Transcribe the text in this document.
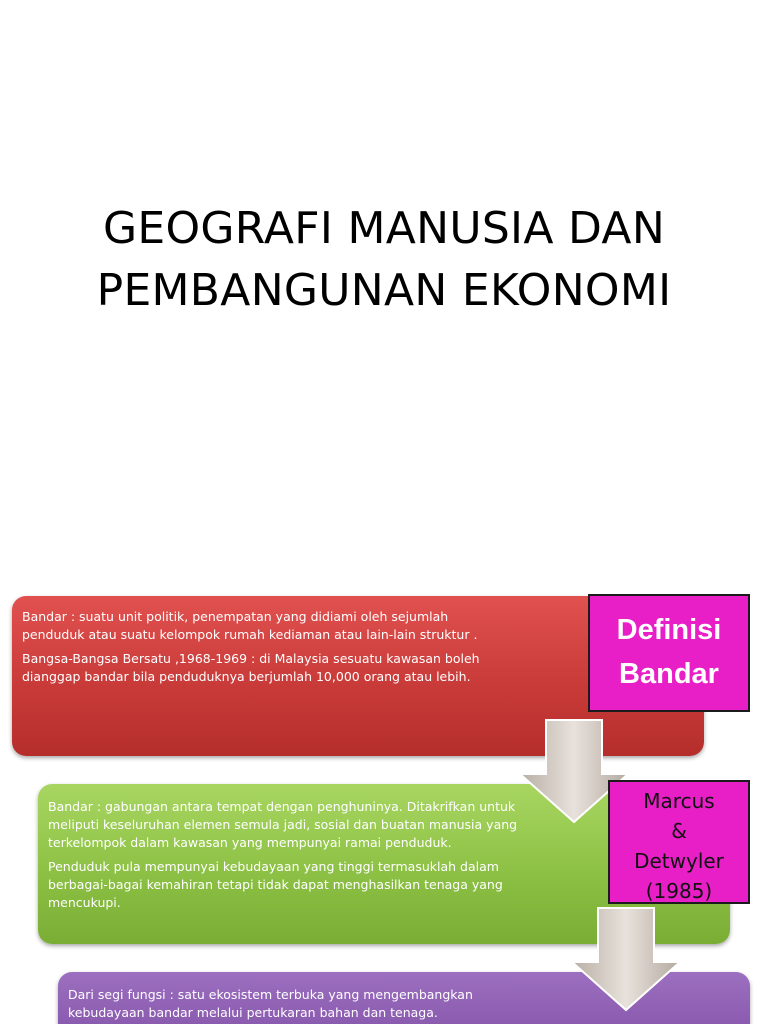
GEOGRAFI MANUSIA DAN
PEMBANGUNAN EKONOMI

Bandar : suatu unit politik, penempatan yang didiami oleh sejumlah penduduk atau suatu kelompok rumah kediaman atau lain-lain struktur .

Bangsa-Bangsa Bersatu ,1968-1969 : di Malaysia sesuatu kawasan boleh dianggap bandar bila penduduknya berjumlah 10,000 orang atau lebih.

Bandar : gabungan antara tempat dengan penghuninya. Ditakrifkan untuk meliputi keseluruhan elemen semula jadi, sosial dan buatan manusia yang terkelompok dalam kawasan yang mempunyai ramai penduduk.

Penduduk pula mempunyai kebudayaan yang tinggi termasuklah dalam berbagai-bagai kemahiran tetapi tidak dapat menghasilkan tenaga yang mencukupi.

Dari segi fungsi : satu ekosistem terbuka yang mengembangkan kebudayaan bandar melalui pertukaran bahan dan tenaga.

Definisi
Bandar
Marcus
&
Detwyler
(1985)
